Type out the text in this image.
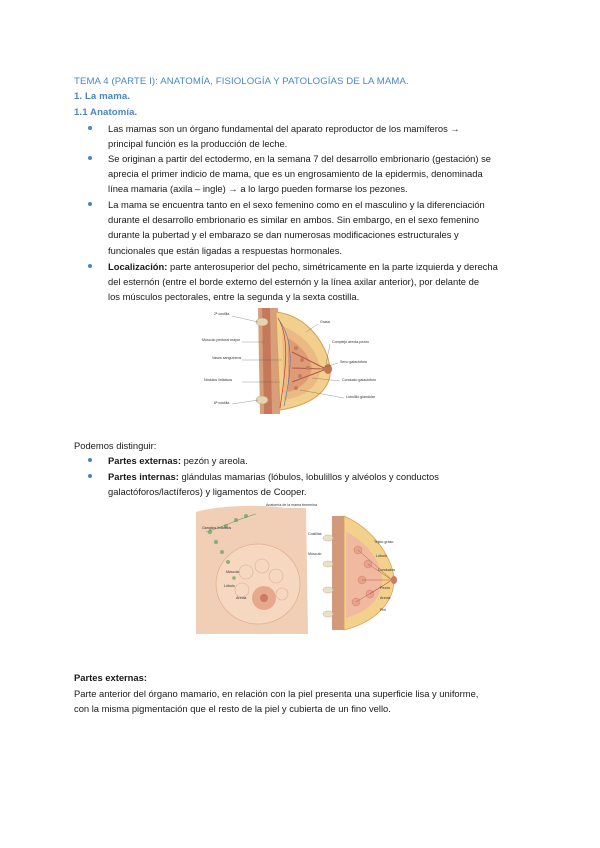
TEMA 4 (PARTE I): ANATOMÍA, FISIOLOGÍA Y PATOLOGÍAS DE LA MAMA.
1. La mama.
1.1 Anatomía.
Las mamas son un órgano fundamental del aparato reproductor de los mamíferos →
principal función es la producción de leche.
Se originan a partir del ectodermo, en la semana 7 del desarrollo embrionario (gestación) se
aprecia el primer indicio de mama, que es un engrosamiento de la epidermis, denominada
línea mamaria (axila – ingle) → a lo largo pueden formarse los pezones.
La mama se encuentra tanto en el sexo femenino como en el masculino y la diferenciación
durante el desarrollo embrionario es similar en ambos. Sin embargo, en el sexo femenino
durante la pubertad y el embarazo se dan numerosas modificaciones estructurales y
funcionales que están ligadas a respuestas hormonales.
Localización: parte anterosuperior del pecho, simétricamente en la parte izquierda y derecha
del esternón (entre el borde externo del esternón y la línea axilar anterior), por delante de
los músculos pectorales, entre la segunda y la sexta costilla.
2ª costilla
Músculo pectoral mayor
Vasos sanguíneos
Nódulos linfáticos
6ª costilla
Grasa
Complejo areola-pezón
Seno galactóforo
Conducto galactóforo
Lobulillo glandular
Podemos distinguir:
Partes externas: pezón y areola.
Partes internas: glándulas mamarias (lóbulos, lobulillos y alvéolos y conductos
galactóforos/lactíferos) y ligamentos de Cooper.
Anatomía de la mama femenina
Ganglios linfáticos
Músculo
Lóbulo
Areola
Costillas
Músculo
Tejido graso
Lóbulo
Conductos
Pezón
Areola
Piel
Partes externas:
Parte anterior del órgano mamario, en relación con la piel presenta una superficie lisa y uniforme,
con la misma pigmentación que el resto de la piel y cubierta de un fino vello.
